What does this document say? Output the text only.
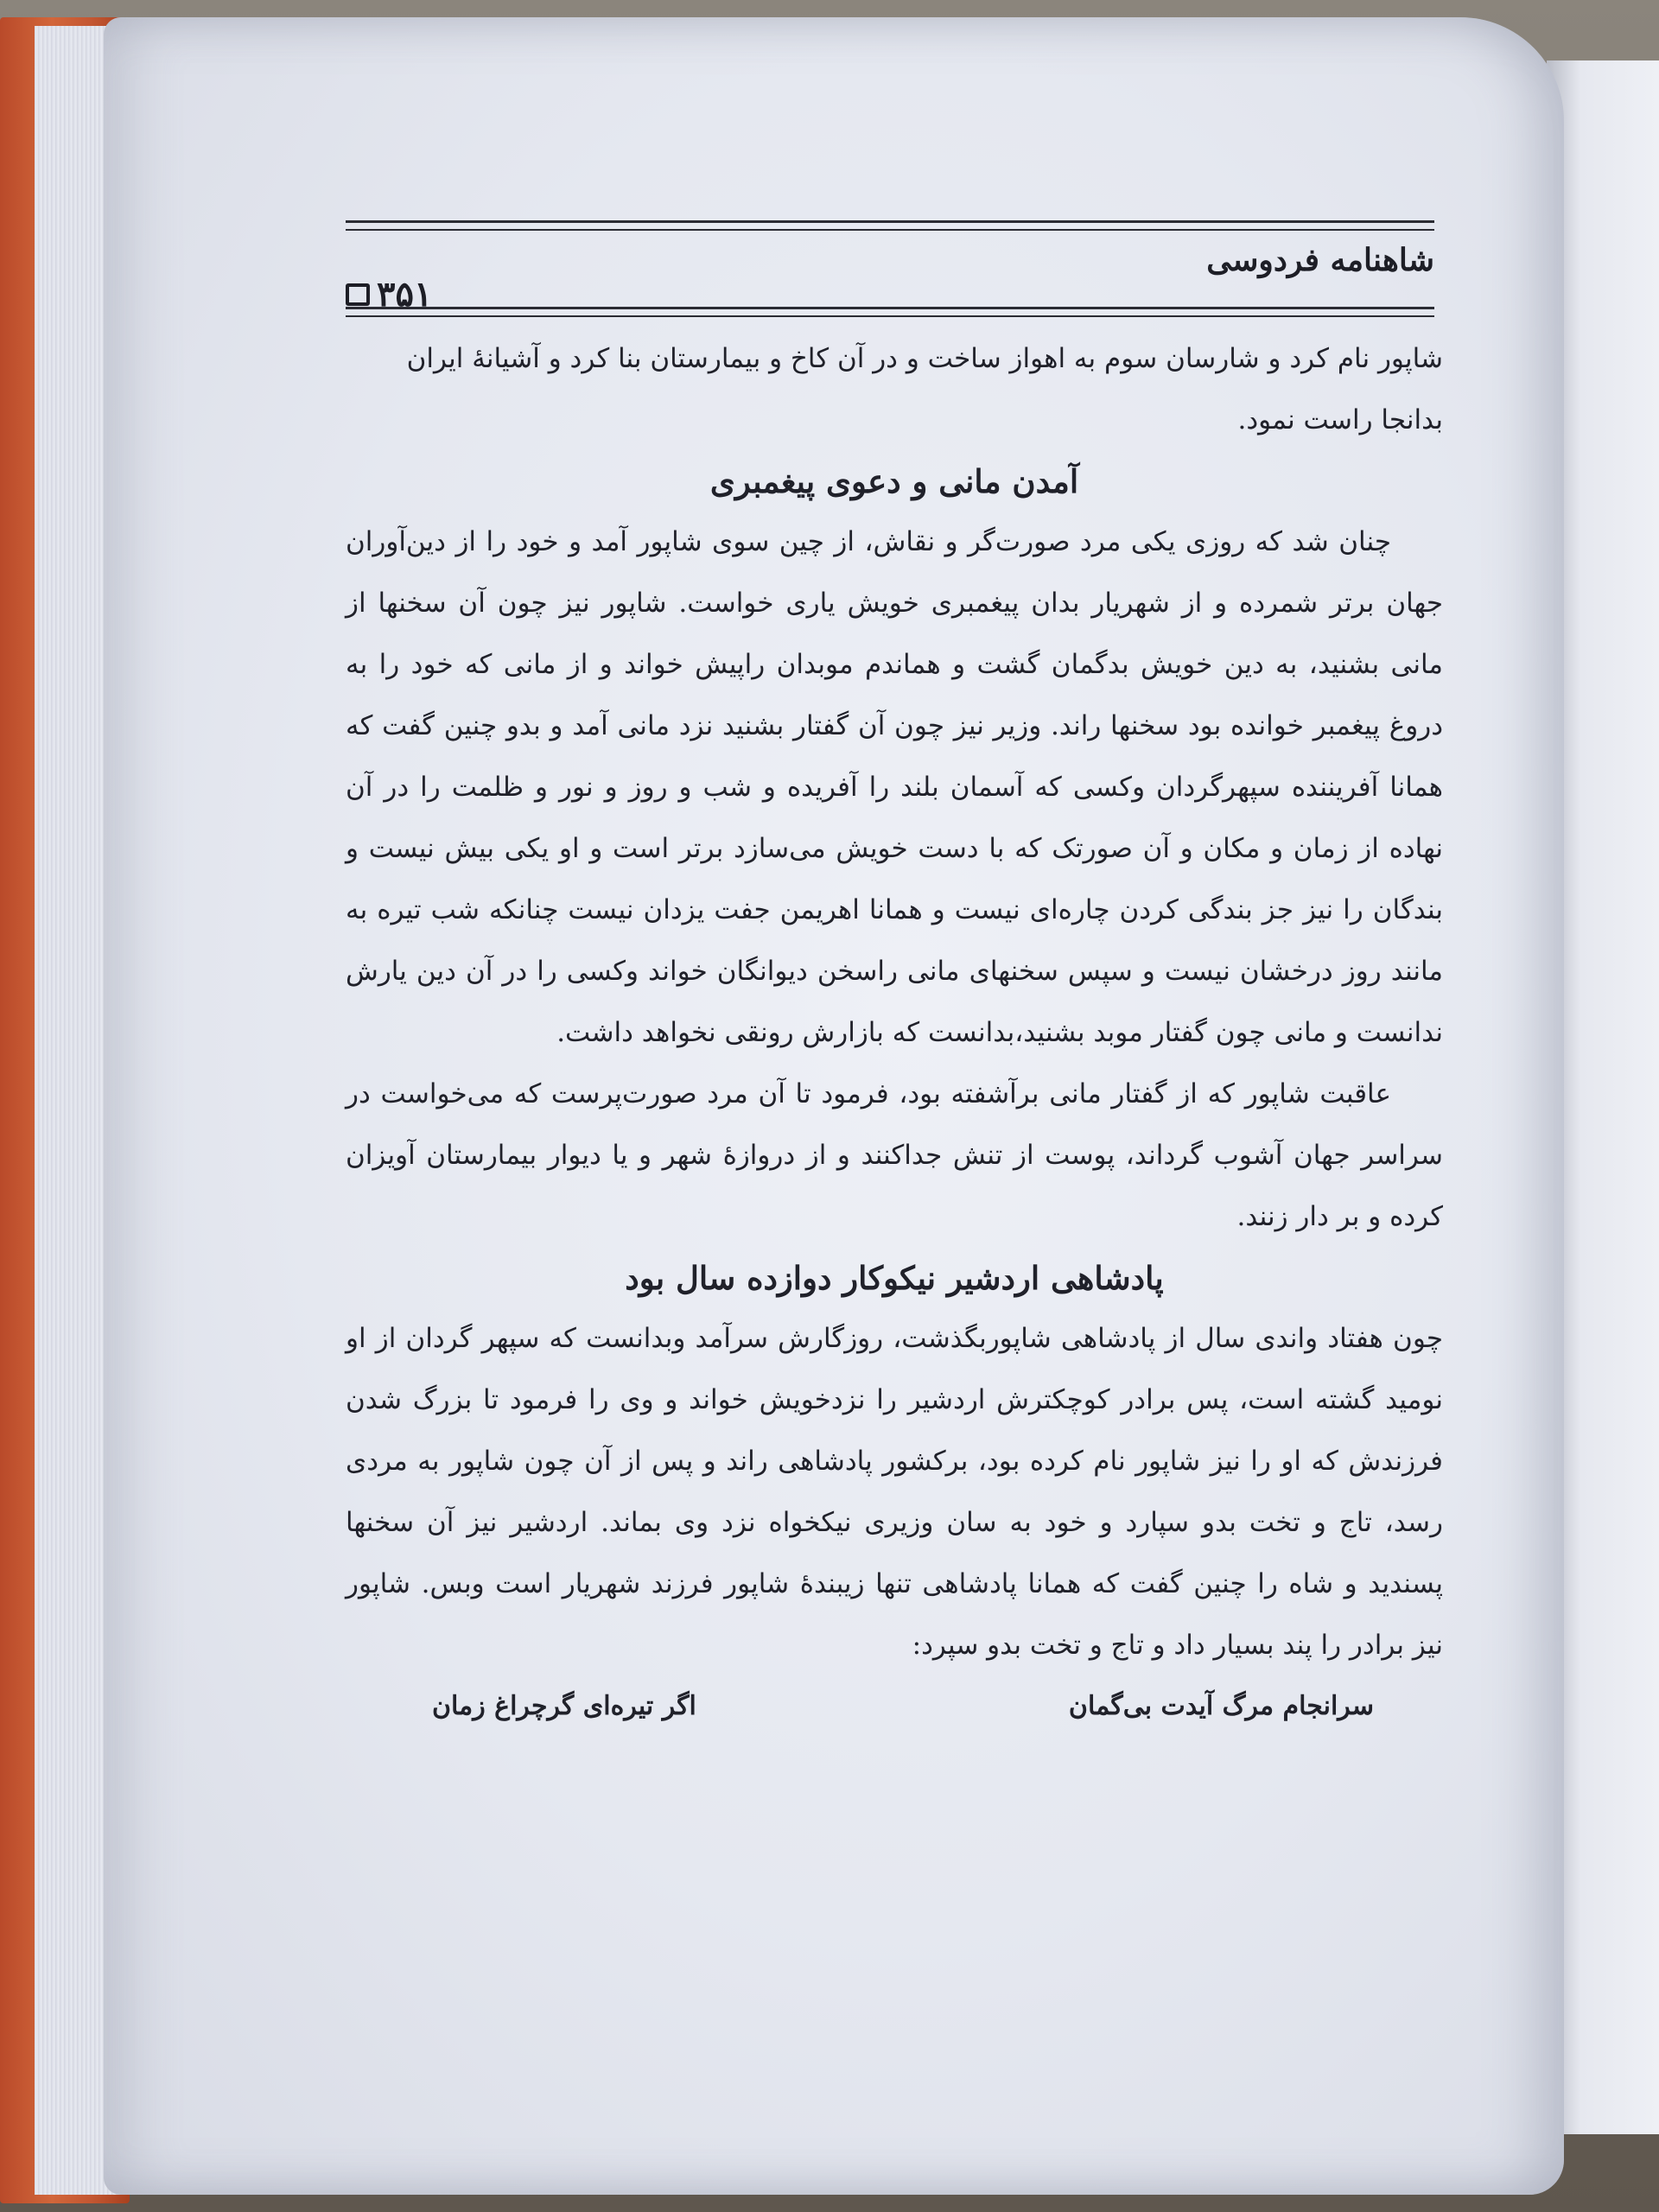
شاهنامه فردوسی
۳۵۱

شاپور نام کرد و شارسان سوم به اهواز ساخت و در آن کاخ و بیمارستان بنا کرد و آشیانهٔ ایران

بدانجا راست نمود.

آمدن مانی و دعوی پیغمبری

چنان شد که روزی یکی مرد صورت‌گر و نقاش، از چین سوی شاپور آمد و خود را از دین‌آوران جهان برتر شمرده و از شهریار بدان پیغمبری خویش یاری خواست. شاپور نیز چون آن سخنها از مانی بشنید، به دین خویش بدگمان گشت و هماندم موبدان راپیش خواند و از مانی که خود را به دروغ پیغمبر خوانده بود سخنها راند. وزیر نیز چون آن گفتار بشنید نزد مانی آمد و بدو چنین گفت که همانا آفریننده سپهرگردان وکسی که آسمان بلند را آفریده و شب و روز و نور و ظلمت را در آن نهاده از زمان و مکان و آن صورتک که با دست خویش می‌سازد برتر است و او یکی بیش نیست و بندگان را نیز جز بندگی کردن چاره‌ای نیست و همانا اهریمن جفت یزدان نیست چنانکه شب تیره به مانند روز درخشان نیست و سپس سخنهای مانی راسخن دیوانگان خواند وکسی را در آن دین یارش ندانست و مانی چون گفتار موبد بشنید،بدانست که بازارش رونقی نخواهد داشت.

عاقبت شاپور که از گفتار مانی برآشفته بود، فرمود تا آن مرد صورت‌پرست که می‌خواست در سراسر جهان آشوب گرداند، پوست از تنش جداکنند و از دروازهٔ شهر و یا دیوار بیمارستان آویزان کرده و بر دار زنند.

پادشاهی اردشیر نیکوکار دوازده سال بود

چون هفتاد واندی سال از پادشاهی شاپوربگذشت، روزگارش سرآمد وبدانست که سپهر گردان از او نومید گشته است، پس برادر کوچکترش اردشیر را نزدخویش خواند و وی را فرمود تا بزرگ شدن فرزندش که او را نیز شاپور نام کرده بود، برکشور پادشاهی راند و پس از آن چون شاپور به مردی رسد، تاج و تخت بدو سپارد و خود به سان وزیری نیکخواه نزد وی بماند. اردشیر نیز آن سخنها پسندید و شاه را چنین گفت که همانا پادشاهی تنها زیبندهٔ شاپور فرزند شهریار است وبس. شاپور نیز برادر را پند بسیار داد و تاج و تخت بدو سپرد:

سرانجام مرگ آیدت بی‌گمان
اگر تیره‌ای گرچراغ زمان
